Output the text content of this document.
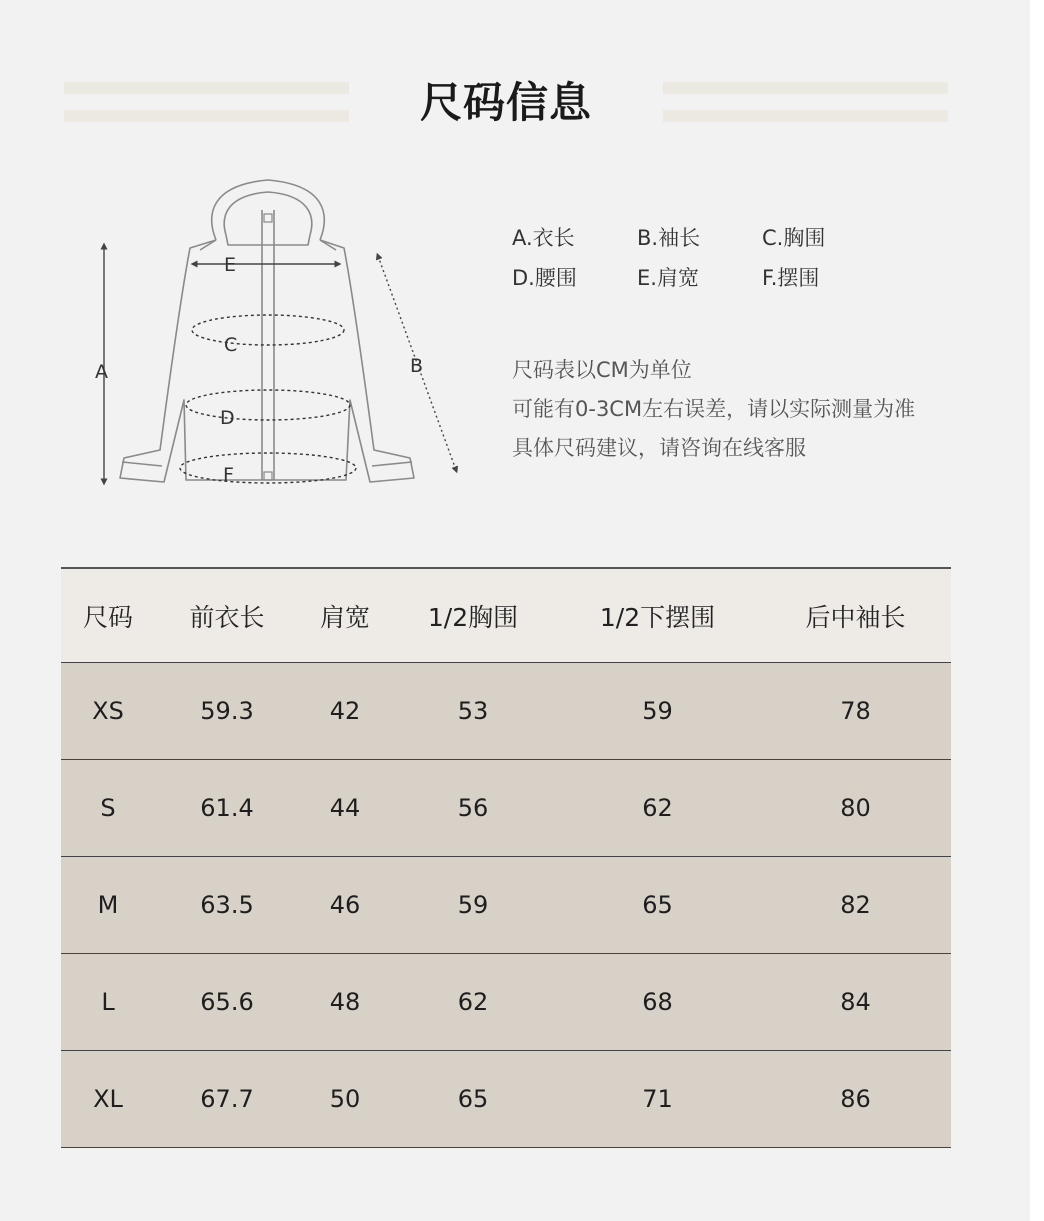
尺码信息
A	B
C
D
E
F
A.衣长	B.袖长	C.胸围
D.腰围	E.肩宽	F.摆围
尺码表以CM为单位
可能有0-3CM左右误差，请以实际测量为准
具体尺码建议，请咨询在线客服
尺码	前衣长	肩宽	1/2胸围	1/2下摆围	后中袖长
XS	59.3	42	53	59	78
S	61.4	44	56	62	80
M	63.5	46	59	65	82
L	65.6	48	62	68	84
XL	67.7	50	65	71	86
